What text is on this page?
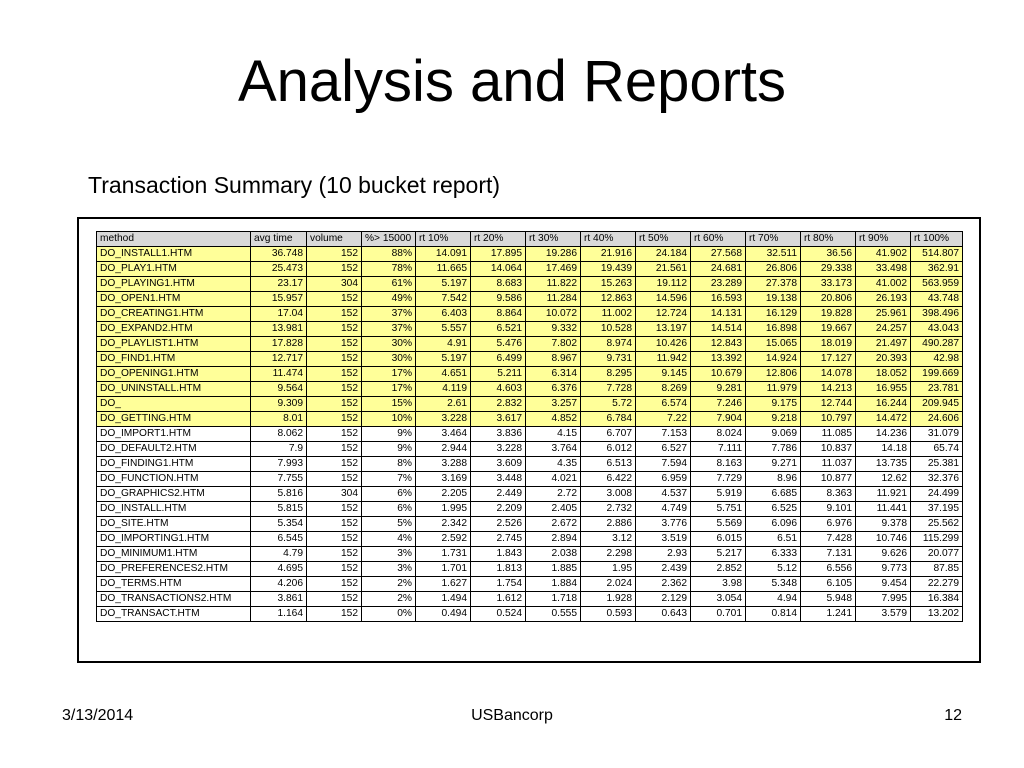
Analysis and Reports
Transaction Summary (10 bucket report)
method	avg time	volume	%> 15000	rt 10%	rt 20%	rt 30%	rt 40%	rt 50%	rt 60%	rt 70%	rt 80%	rt 90%	rt 100%
DO_INSTALL1.HTM	36.748	152	88%	14.091	17.895	19.286	21.916	24.184	27.568	32.511	36.56	41.902	514.807
DO_PLAY1.HTM	25.473	152	78%	11.665	14.064	17.469	19.439	21.561	24.681	26.806	29.338	33.498	362.91
DO_PLAYING1.HTM	23.17	304	61%	5.197	8.683	11.822	15.263	19.112	23.289	27.378	33.173	41.002	563.959
DO_OPEN1.HTM	15.957	152	49%	7.542	9.586	11.284	12.863	14.596	16.593	19.138	20.806	26.193	43.748
DO_CREATING1.HTM	17.04	152	37%	6.403	8.864	10.072	11.002	12.724	14.131	16.129	19.828	25.961	398.496
DO_EXPAND2.HTM	13.981	152	37%	5.557	6.521	9.332	10.528	13.197	14.514	16.898	19.667	24.257	43.043
DO_PLAYLIST1.HTM	17.828	152	30%	4.91	5.476	7.802	8.974	10.426	12.843	15.065	18.019	21.497	490.287
DO_FIND1.HTM	12.717	152	30%	5.197	6.499	8.967	9.731	11.942	13.392	14.924	17.127	20.393	42.98
DO_OPENING1.HTM	11.474	152	17%	4.651	5.211	6.314	8.295	9.145	10.679	12.806	14.078	18.052	199.669
DO_UNINSTALL.HTM	9.564	152	17%	4.119	4.603	6.376	7.728	8.269	9.281	11.979	14.213	16.955	23.781
DO_	9.309	152	15%	2.61	2.832	3.257	5.72	6.574	7.246	9.175	12.744	16.244	209.945
DO_GETTING.HTM	8.01	152	10%	3.228	3.617	4.852	6.784	7.22	7.904	9.218	10.797	14.472	24.606
DO_IMPORT1.HTM	8.062	152	9%	3.464	3.836	4.15	6.707	7.153	8.024	9.069	11.085	14.236	31.079
DO_DEFAULT2.HTM	7.9	152	9%	2.944	3.228	3.764	6.012	6.527	7.111	7.786	10.837	14.18	65.74
DO_FINDING1.HTM	7.993	152	8%	3.288	3.609	4.35	6.513	7.594	8.163	9.271	11.037	13.735	25.381
DO_FUNCTION.HTM	7.755	152	7%	3.169	3.448	4.021	6.422	6.959	7.729	8.96	10.877	12.62	32.376
DO_GRAPHICS2.HTM	5.816	304	6%	2.205	2.449	2.72	3.008	4.537	5.919	6.685	8.363	11.921	24.499
DO_INSTALL.HTM	5.815	152	6%	1.995	2.209	2.405	2.732	4.749	5.751	6.525	9.101	11.441	37.195
DO_SITE.HTM	5.354	152	5%	2.342	2.526	2.672	2.886	3.776	5.569	6.096	6.976	9.378	25.562
DO_IMPORTING1.HTM	6.545	152	4%	2.592	2.745	2.894	3.12	3.519	6.015	6.51	7.428	10.746	115.299
DO_MINIMUM1.HTM	4.79	152	3%	1.731	1.843	2.038	2.298	2.93	5.217	6.333	7.131	9.626	20.077
DO_PREFERENCES2.HTM	4.695	152	3%	1.701	1.813	1.885	1.95	2.439	2.852	5.12	6.556	9.773	87.85
DO_TERMS.HTM	4.206	152	2%	1.627	1.754	1.884	2.024	2.362	3.98	5.348	6.105	9.454	22.279
DO_TRANSACTIONS2.HTM	3.861	152	2%	1.494	1.612	1.718	1.928	2.129	3.054	4.94	5.948	7.995	16.384
DO_TRANSACT.HTM	1.164	152	0%	0.494	0.524	0.555	0.593	0.643	0.701	0.814	1.241	3.579	13.202
3/13/2014	USBancorp	12
